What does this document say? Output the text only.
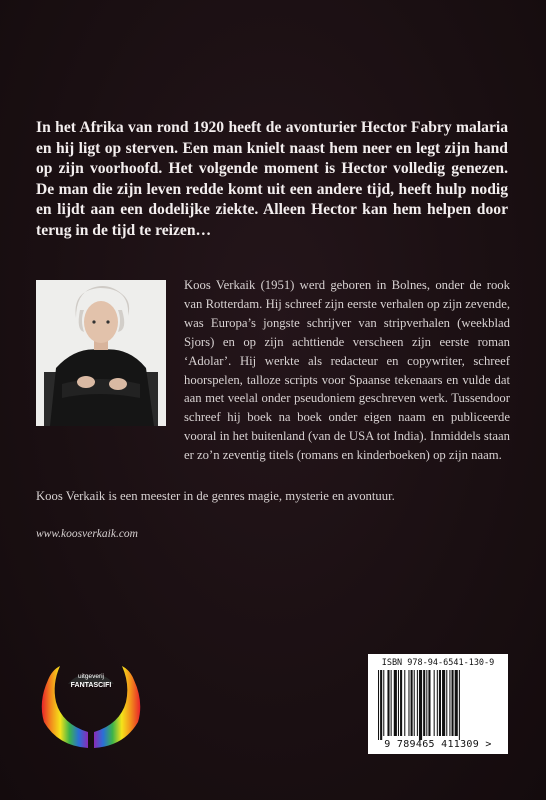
In het Afrika van rond 1920 heeft de avonturier Hector Fabry malaria en hij ligt op sterven. Een man knielt naast hem neer en legt zijn hand op zijn voorhoofd. Het volgende moment is Hector volledig genezen. De man die zijn leven redde komt uit een andere tijd, heeft hulp nodig en lijdt aan een dodelijke ziekte. Alleen Hector kan hem helpen door terug in de tijd te reizen…

Koos Verkaik (1951) werd geboren in Bolnes, onder de rook van Rotterdam. Hij schreef zijn eerste verhalen op zijn zevende, was Europa’s jongste schrijver van stripverhalen (weekblad Sjors) en op zijn achttiende verscheen zijn eerste roman ‘Adolar’. Hij werkte als redacteur en copywriter, schreef hoorspelen, talloze scripts voor Spaanse tekenaars en vulde dat aan met veelal onder pseudoniem geschreven werk. Tussendoor schreef hij boek na boek onder eigen naam en publiceerde vooral in het buitenland (van de USA tot India). Inmiddels staan er zo’n zeventig titels (romans en kinderboeken) op zijn naam.

Koos Verkaik is een meester in de genres magie, mysterie en avontuur.

www.koosverkaik.com

uitgeverij
FANTASCIFI
ISBN 978-94-6541-130-9
9 789465 411309 >
